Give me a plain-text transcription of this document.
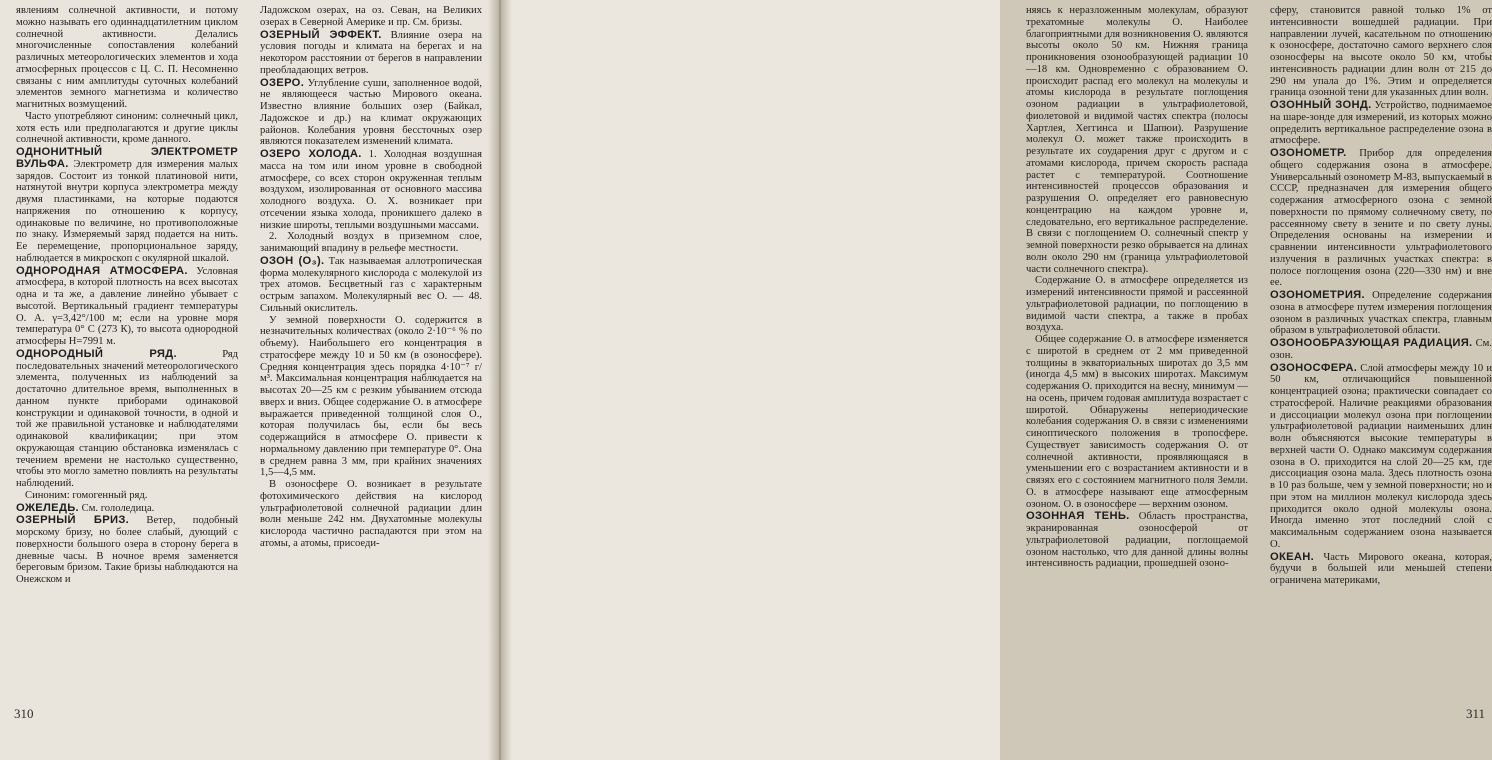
явлениям солнечной активности, и потому можно называть его одиннадцатилетним циклом солнечной активности. Делались многочисленные сопоставления колебаний различных метеорологических элементов и хода атмосферных процессов с Ц. С. П. Несомненно связаны с ним амплитуды суточных колебаний элементов земного магнетизма и количество магнитных возмущений.

Часто употребляют синоним: солнечный цикл, хотя есть или предполагаются и другие циклы солнечной активности, кроме данного.

ОДНОНИТНЫЙ ЭЛЕКТРОМЕТР ВУЛЬФА. Электрометр для измерения малых зарядов. Состоит из тонкой платиновой нити, натянутой внутри корпуса электрометра между двумя пластинками, на которые подаются напряжения по отношению к корпусу, одинаковые по величине, но противоположные по знаку. Измеряемый заряд подается на нить. Ее перемещение, пропорциональное заряду, наблюдается в микроскоп с окулярной шкалой.

ОДНОРОДНАЯ АТМОСФЕРА. Условная атмосфера, в которой плотность на всех высотах одна и та же, а давление линейно убывает с высотой. Вертикальный градиент температуры О. А. γ=3,42°/100 м; если на уровне моря температура 0° С (273 К), то высота однородной атмосферы H=7991 м.

ОДНОРОДНЫЙ РЯД.	Ряд последовательных значений метеорологического элемента, полученных из наблюдений за достаточно длительное время, выполненных в данном пункте приборами одинаковой конструкции и одинаковой точности, в одной и той же правильной установке и наблюдателями одинаковой квалификации; при этом окружающая станцию обстановка изменялась с течением времени не настолько существенно, чтобы это могло заметно повлиять на результаты наблюдений.

Синоним: гомогенный ряд.

ОЖЕЛЕДЬ. См. гололедица.

ОЗЕРНЫЙ БРИЗ. Ветер, подобный морскому бризу, но более слабый, дующий с поверхности большого озера в сторону берега в дневные часы. В ночное время заменяется береговым бризом. Такие бризы наблюдаются на Онежском и

Ладожском озерах, на оз. Севан, на Великих озерах в Северной Америке и пр. См. бризы.

ОЗЕРНЫЙ ЭФФЕКТ. Влияние озера на условия погоды и климата на берегах и на некотором расстоянии от берегов в направлении преобладающих ветров.

ОЗЕРО. Углубление суши, заполненное водой, не являющееся частью Мирового океана. Известно влияние больших озер (Байкал, Ладожское и др.) на климат окружающих районов. Колебания уровня бессточных озер являются показателем изменений климата.

ОЗЕРО ХОЛОДА. 1. Холодная воздушная масса на том или ином уровне в свободной атмосфере, со всех сторон окруженная теплым воздухом, изолированная от основного массива холодного воздуха. О. Х. возникает при отсечении языка холода, проникшего далеко в низкие широты, теплыми воздушными массами.

2. Холодный воздух в приземном слое, занимающий впадину в рельефе местности.

ОЗОН (О₃). Так называемая аллотропическая форма молекулярного кислорода с молекулой из трех атомов. Бесцветный газ с характерным острым запахом. Молекулярный вес О. — 48. Сильный окислитель.

У земной поверхности О. содержится в незначительных количествах (около 2·10⁻⁶ % по объему). Наибольшего его концентрация в стратосфере между 10 и 50 км (в озоносфере). Средняя концентрация здесь порядка 4·10⁻⁷ г/м³. Максимальная концентрация наблюдается на высотах 20—25 км с резким убыванием отсюда вверх и вниз. Общее содержание О. в атмосфере выражается приведенной толщиной слоя О., которая получилась бы, если бы весь содержащийся в атмосфере О. привести к нормальному давлению при температуре 0°. Она в среднем равна 3 мм, при крайних значениях 1,5—4,5 мм.

В озоносфере О. возникает в результате фотохимического действия на кислород ультрафиолетовой солнечной радиации длин волн меньше 242 нм. Двухатомные молекулы кислорода частично распадаются при этом на атомы, а атомы, присоеди-

310

няясь к неразложенным молекулам, образуют трехатомные молекулы О. Наиболее благоприятными для возникновения О. являются высоты около 50 км. Нижняя граница проникновения озонообразующей радиации 10—18 км. Одновременно с образованием О. происходит распад его молекул на молекулы и атомы кислорода в результате поглощения озоном радиации в ультрафиолетовой, фиолетовой и видимой частях спектра (полосы Хартлея, Хеггинса и Шапюи). Разрушение молекул О. может также происходить в результате их соударения друг с другом и с атомами кислорода, причем скорость распада растет с температурой. Соотношение интенсивностей процессов образования и разрушения О. определяет его равновесную концентрацию на каждом уровне и, следовательно, его вертикальное распределение. В связи с поглощением О. солнечный спектр у земной поверхности резко обрывается на длинах волн около 290 нм (граница ультрафиолетовой части солнечного спектра).

Содержание О. в атмосфере определяется из измерений интенсивности прямой и рассеянной ультрафиолетовой радиации, по поглощению в видимой части спектра, а также в пробах воздуха.

Общее содержание О. в атмосфере изменяется с широтой в среднем от 2 мм приведенной толщины в экваториальных широтах до 3,5 мм (иногда 4,5 мм) в высоких широтах. Максимум содержания О. приходится на весну, минимум — на осень, причем годовая амплитуда возрастает с широтой. Обнаружены непериодические колебания содержания О. в связи с изменениями синоптического положения в тропосфере. Существует зависимость содержания О. от солнечной активности, проявляющаяся в уменьшении его с возрастанием активности и в связях его с состоянием магнитного поля Земли. О. в атмосфере называют еще атмосферным озоном. О. в озоносфере — верхним озоном.

ОЗОННАЯ ТЕНЬ. Область пространства, экранированная озоносферой от ультрафиолетовой радиации, поглощаемой озоном настолько, что для данной длины волны интенсивность радиации, прошедшей озоно-

сферу, становится равной только 1% от интенсивности вошедшей радиации. При направлении лучей, касательном по отношению к озоносфере, достаточно самого верхнего слоя озоносферы на высоте около 50 км, чтобы интенсивность радиации длин волн от 215 до 290 нм упала до 1%. Этим и определяется граница озонной тени для указанных длин волн.

ОЗОННЫЙ ЗОНД. Устройство, поднимаемое на шаре-зонде для измерений, из которых можно определить вертикальное распределение озона в атмосфере.

ОЗОНОМЕТР. Прибор для определения общего содержания озона в атмосфере. Универсальный озонометр М-83, выпускаемый в СССР, предназначен для измерения общего содержания атмосферного озона с земной поверхности по прямому солнечному свету, по рассеянному свету в зените и по свету луны. Определения основаны на измерении и сравнении интенсивности ультрафиолетового излучения в различных участках спектра: в полосе поглощения озона (220—330 нм) и вне ее.

ОЗОНОМЕТРИЯ. Определение содержания озона в атмосфере путем измерения поглощения озоном в различных участках спектра, главным образом в ультрафиолетовой области.

ОЗОНООБРАЗУЮЩАЯ РАДИАЦИЯ. См. озон.

ОЗОНОСФЕРА. Слой атмосферы между 10 и 50 км, отличающийся повышенной концентрацией озона; практически совпадает со стратосферой. Наличие реакциями образования и диссоциации молекул озона при поглощении ультрафиолетовой радиации наименьших длин волн объясняются высокие температуры в верхней части О. Однако максимум содержания озона в О. приходится на слой 20—25 км, где диссоциация озона мала. Здесь плотность озона в 10 раз больше, чем у земной поверхности; но и при этом на миллион молекул кислорода здесь приходится около одной молекулы озона. Иногда именно этот последний слой с максимальным содержанием озона называется О.

ОКЕАН. Часть Мирового океана, которая, будучи в большей или меньшей степени ограничена материками,

311
